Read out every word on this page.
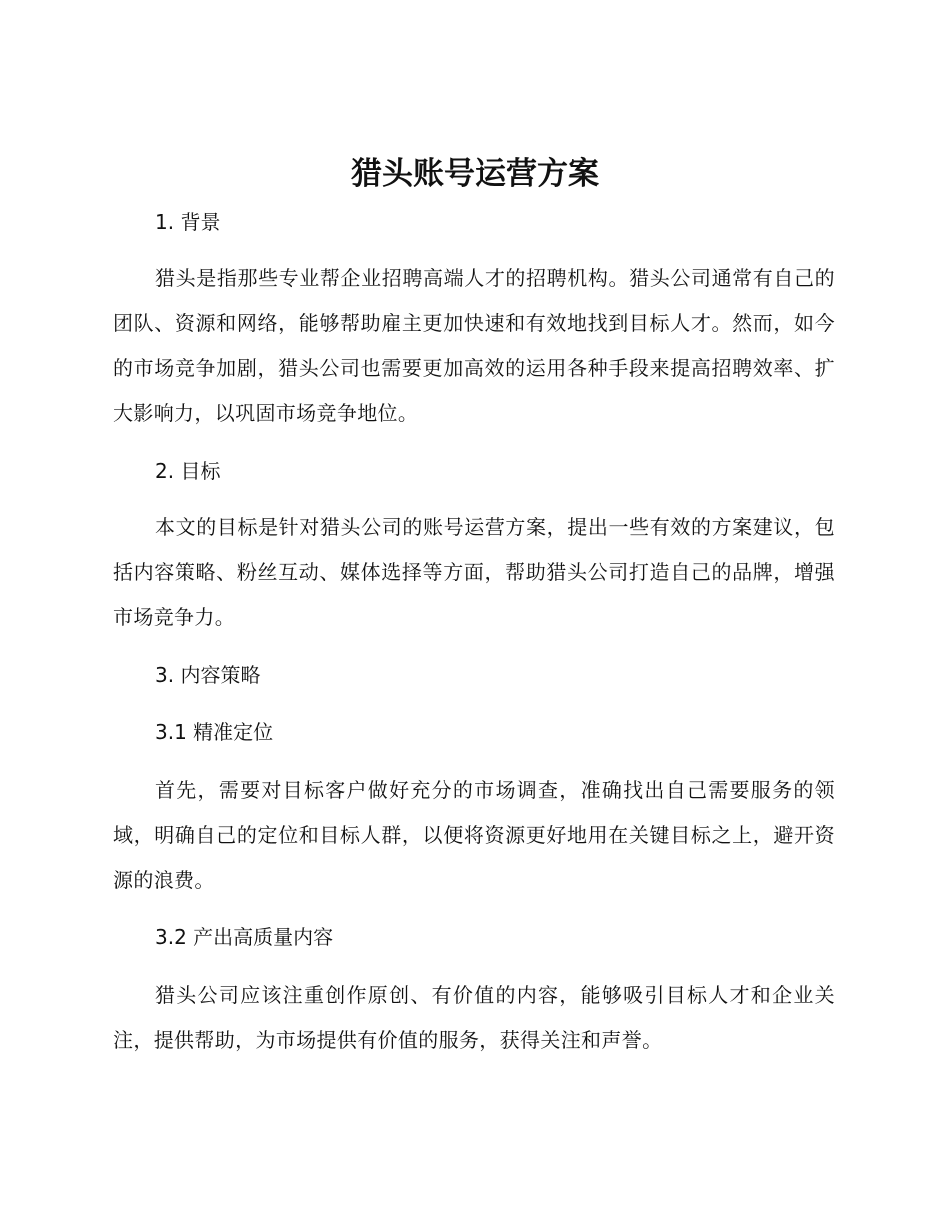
猎头账号运营方案
1. 背景

猎头是指那些专业帮企业招聘高端人才的招聘机构。猎头公司通常有自己的团队、资源和网络，能够帮助雇主更加快速和有效地找到目标人才。然而，如今的市场竞争加剧，猎头公司也需要更加高效的运用各种手段来提高招聘效率、扩大影响力，以巩固市场竞争地位。

2. 目标

本文的目标是针对猎头公司的账号运营方案，提出一些有效的方案建议，包括内容策略、粉丝互动、媒体选择等方面，帮助猎头公司打造自己的品牌，增强市场竞争力。

3. 内容策略
3.1 精准定位

首先，需要对目标客户做好充分的市场调查，准确找出自己需要服务的领域，明确自己的定位和目标人群，以便将资源更好地用在关键目标之上，避开资源的浪费。

3.2 产出高质量内容

猎头公司应该注重创作原创、有价值的内容，能够吸引目标人才和企业关注，提供帮助，为市场提供有价值的服务，获得关注和声誉。
